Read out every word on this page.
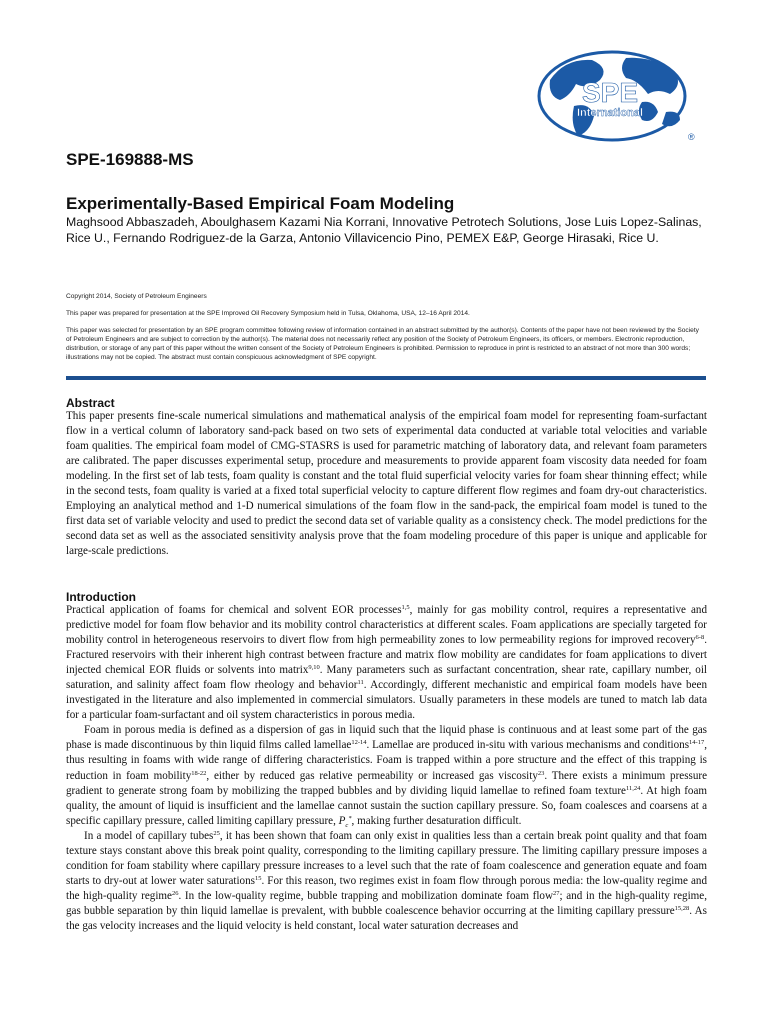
SPE
International
®
SPE-169888-MS
Experimentally-Based Empirical Foam Modeling
Maghsood Abbaszadeh, Aboulghasem Kazami Nia Korrani, Innovative Petrotech Solutions, Jose Luis Lopez-Salinas, Rice U., Fernando Rodriguez-de la Garza, Antonio Villavicencio Pino, PEMEX E&P, George Hirasaki, Rice U.
Copyright 2014, Society of Petroleum Engineers
This paper was prepared for presentation at the SPE Improved Oil Recovery Symposium held in Tulsa, Oklahoma, USA, 12–16 April 2014.
This paper was selected for presentation by an SPE program committee following review of information contained in an abstract submitted by the author(s). Contents of the paper have not been reviewed by the Society of Petroleum Engineers and are subject to correction by the author(s). The material does not necessarily reflect any position of the Society of Petroleum Engineers, its officers, or members. Electronic reproduction, distribution, or storage of any part of this paper without the written consent of the Society of Petroleum Engineers is prohibited. Permission to reproduce in print is restricted to an abstract of not more than 300 words; illustrations may not be copied. The abstract must contain conspicuous acknowledgment of SPE copyright.
Abstract

This paper presents fine-scale numerical simulations and mathematical analysis of the empirical foam model for representing foam-surfactant flow in a vertical column of laboratory sand-pack based on two sets of experimental data conducted at variable total velocities and variable foam qualities. The empirical foam model of CMG-STASRS is used for parametric matching of laboratory data, and relevant foam parameters are calibrated. The paper discusses experimental setup, procedure and measurements to provide apparent foam viscosity data needed for foam modeling. In the first set of lab tests, foam quality is constant and the total fluid superficial velocity varies for foam shear thinning effect; while in the second tests, foam quality is varied at a fixed total superficial velocity to capture different flow regimes and foam dry-out characteristics. Employing an analytical method and 1-D numerical simulations of the foam flow in the sand-pack, the empirical foam model is tuned to the first data set of variable velocity and used to predict the second data set of variable quality as a consistency check. The model predictions for the second data set as well as the associated sensitivity analysis prove that the foam modeling procedure of this paper is unique and applicable for large-scale predictions.

Introduction

Practical application of foams for chemical and solvent EOR processes$^{1,5}$, mainly for gas mobility control, requires a representative and predictive model for foam flow behavior and its mobility control characteristics at different scales. Foam applications are specially targeted for mobility control in heterogeneous reservoirs to divert flow from high permeability zones to low permeability regions for improved recovery$^{6-8}$. Fractured reservoirs with their inherent high contrast between fracture and matrix flow mobility are candidates for foam applications to divert injected chemical EOR fluids or solvents into matrix$^{9,10}$. Many parameters such as surfactant concentration, shear rate, capillary number, oil saturation, and salinity affect foam flow rheology and behavior$^{11}$. Accordingly, different mechanistic and empirical foam models have been investigated in the literature and also implemented in commercial simulators. Usually parameters in these models are tuned to match lab data for a particular foam-surfactant and oil system characteristics in porous media.

Foam in porous media is defined as a dispersion of gas in liquid such that the liquid phase is continuous and at least some part of the gas phase is made discontinuous by thin liquid films called lamellae$^{12-14}$. Lamellae are produced in-situ with various mechanisms and conditions$^{14-17}$, thus resulting in foams with wide range of differing characteristics. Foam is trapped within a pore structure and the effect of this trapping is reduction in foam mobility$^{18-22}$, either by reduced gas relative permeability or increased gas viscosity$^{23}$. There exists a minimum pressure gradient to generate strong foam by mobilizing the trapped bubbles and by dividing liquid lamellae to refined foam texture$^{11,24}$. At high foam quality, the amount of liquid is insufficient and the lamellae cannot sustain the suction capillary pressure. So, foam coalesces and coarsens at a specific capillary pressure, called limiting capillary pressure, $P_c^*$, making further desaturation difficult.

In a model of capillary tubes$^{25}$, it has been shown that foam can only exist in qualities less than a certain break point quality and that foam texture stays constant above this break point quality, corresponding to the limiting capillary pressure. The limiting capillary pressure imposes a condition for foam stability where capillary pressure increases to a level such that the rate of foam coalescence and generation equate and foam starts to dry-out at lower water saturations$^{15}$. For this reason, two regimes exist in foam flow through porous media: the low-quality regime and the high-quality regime$^{26}$. In the low-quality regime, bubble trapping and mobilization dominate foam flow$^{27}$; and in the high-quality regime, gas bubble separation by thin liquid lamellae is prevalent, with bubble coalescence behavior occurring at the limiting capillary pressure$^{15,28}$. As the gas velocity increases and the liquid velocity is held constant, local water saturation decreases and
